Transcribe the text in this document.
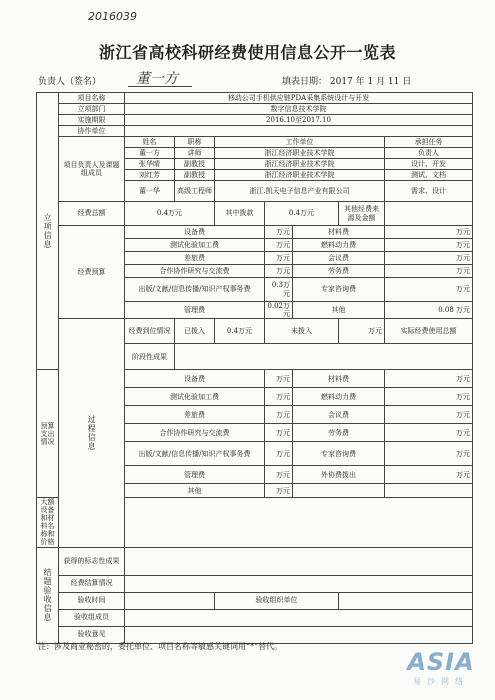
2016039
浙江省高校科研经费使用信息公开一览表
负责人（签名） 董一方	填表日期： 2017 年 1 月 11 日
立项信息	项目名称	移动公司手机供应链PDA采集系统设计与开发							
	立项部门	数字信息技术学院							
	实施期限	2016.10至2017.10							
	协作单位								
	项目负责人及课题组成员	姓名	职称	工作单位				承担任务	
		董一方	讲师	浙江经济职业技术学院				负责人	
		张华晴	副教授	浙江经济职业技术学院				设计、开发	
		刘红芳	副教授	浙江经济职业技术学院				测试、文档	
		董一华	高级工程师	浙江.凯天电子信息产业有限公司				需求、设计	
	经费总额	0.4万元		其中拨款	0.4万元		其他经费来源及金额		
	经费预算	设备费			万元	材料费		万元	
		测试化验加工费			万元	燃料动力费		万元	
		差旅费			万元	会议费		万元	
		合作协作研究与交流费			万元	劳务费		万元	
		出版/文献/信息传播/知识产权事务费			0.3万元	专家咨询费		万元	
		管理费			0.02万元	其他		0.08 万元	

	过程信息	经费到位情况	已拨入	0.4万元	未拨入		万元	实际经费使用总额	
		阶段性成果							
预算支出情况		设备费			万元	材料费		万元	
		测试化验加工费			万元	燃料动力费		万元	
		差旅费			万元	会议费		万元	
		合作协作研究与交流费			万元	劳务费		万元	
		出版/文献/信息传播/知识产权事务费			万元	专家咨询费		万元	
		管理费			万元	外协费拨出		万元	
		其他			万元				
大额设备和材料名称和价格									

结题验收信息	获得的标志性成果								
	经费结算情况								
	验收时间			验收组织单位					
	验收组成员								
	验收意见								
注：涉及商业秘密的，委托单位、项目名称等敏感关键词用“*”替代。
ASIA
易沙网络
